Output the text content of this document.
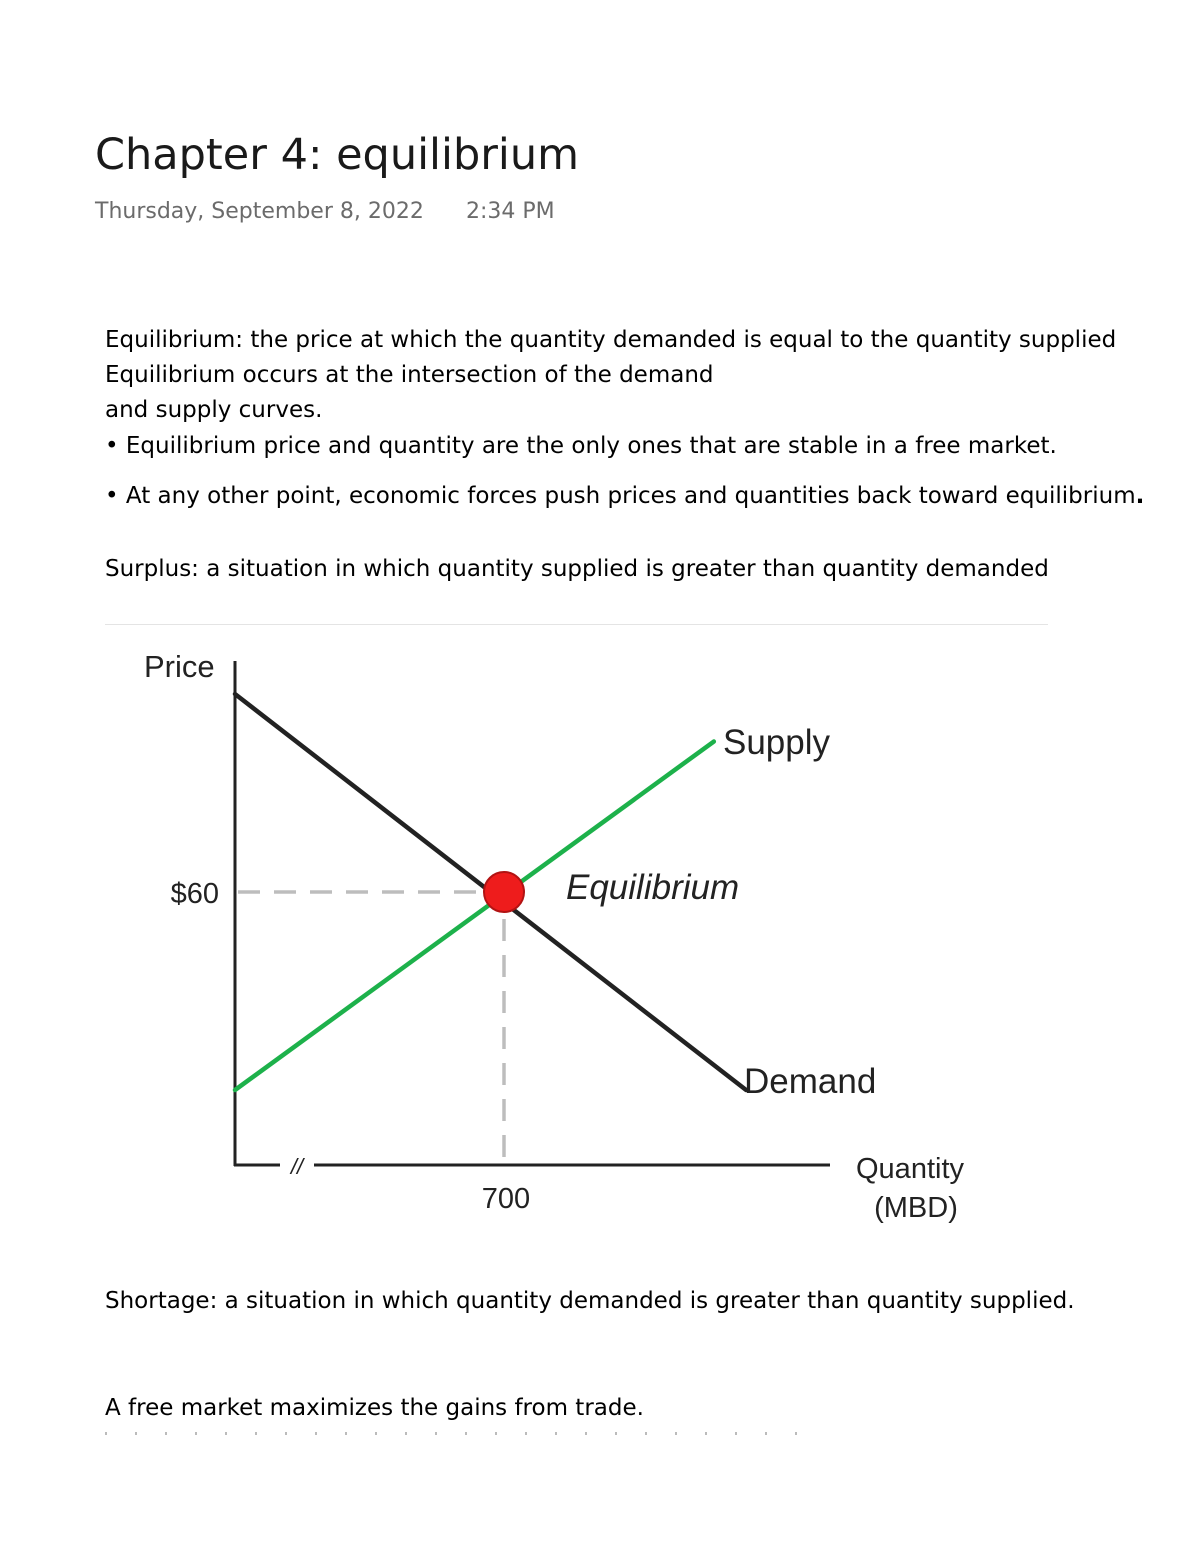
Chapter 4: equilibrium
Thursday, September 8, 2022 2:34 PM
Equilibrium: the price at which the quantity demanded is equal to the quantity supplied
Equilibrium occurs at the intersection of the demand
and supply curves.
• Equilibrium price and quantity are the only ones that are stable in a free market.
• At any other point, economic forces push prices and quantities back toward equilibrium.
Surplus: a situation in which quantity supplied is greater than quantity demanded
//
Price
$60
700
Quantity
(MBD)
Supply
Demand
Equilibrium
Shortage: a situation in which quantity demanded is greater than quantity supplied.
A free market maximizes the gains from trade.
